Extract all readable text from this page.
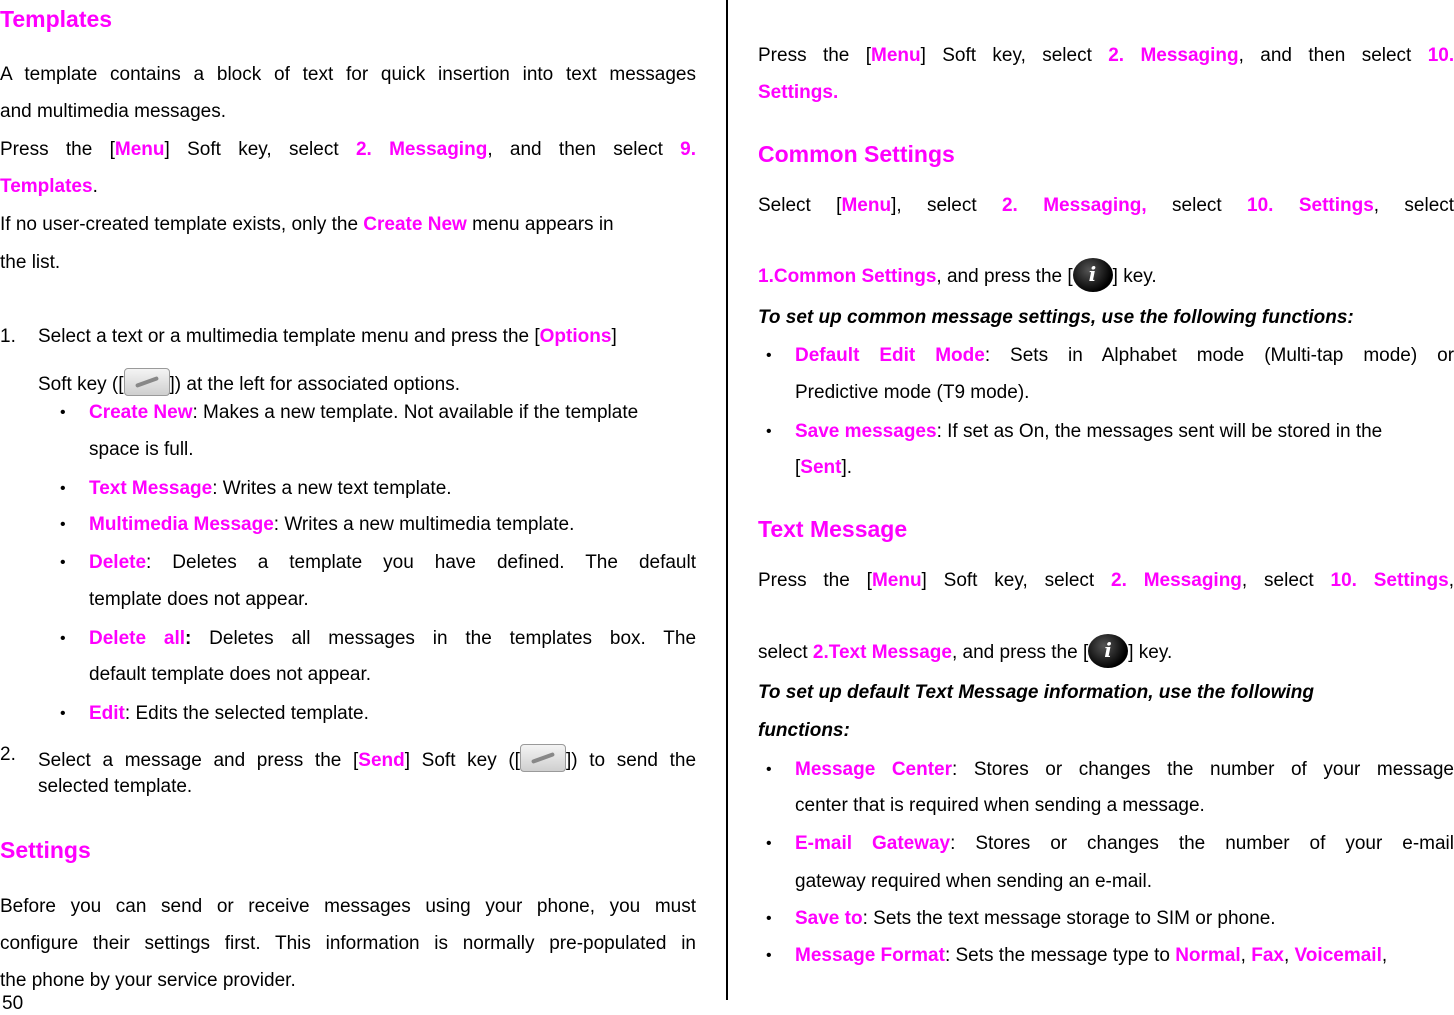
Templates
A template contains a block of text for quick insertion into text messages
and multimedia messages.
Press the [Menu] Soft key, select 2. Messaging, and then select 9.
Templates.
If no user-created template exists, only the Create New menu appears in
the list.
1. Select a text or a multimedia template menu and press the [Options]
Soft key ([ ]) at the left for associated options.
• Create New: Makes a new template. Not available if the template
space is full.
• Text Message: Writes a new text template.
• Multimedia Message: Writes a new multimedia template.
• Delete: Deletes a template you have defined. The default
template does not appear.
• Delete all: Deletes all messages in the templates box. The
default template does not appear.
• Edit: Edits the selected template.
2. Select a message and press the [Send] Soft key ([ ]) to send the
selected template.
Settings
Before you can send or receive messages using your phone, you must
configure their settings first. This information is normally pre-populated in
the phone by your service provider.
50
Press the [Menu] Soft key, select 2. Messaging, and then select 10.
Settings.
Common Settings
Select [Menu], select 2. Messaging, select 10. Settings, select
1.Common Settings, and press the [ i ] key.
To set up common message settings, use the following functions:
• Default Edit Mode: Sets in Alphabet mode (Multi-tap mode) or
Predictive mode (T9 mode).
• Save messages: If set as On, the messages sent will be stored in the
[Sent].
Text Message
Press the [Menu] Soft key, select 2. Messaging, select 10. Settings,
select 2.Text Message, and press the [ i ] key.
To set up default Text Message information, use the following
functions:
• Message Center: Stores or changes the number of your message
center that is required when sending a message.
• E-mail Gateway: Stores or changes the number of your e-mail
gateway required when sending an e-mail.
• Save to: Sets the text message storage to SIM or phone.
• Message Format: Sets the message type to Normal, Fax, Voicemail,
